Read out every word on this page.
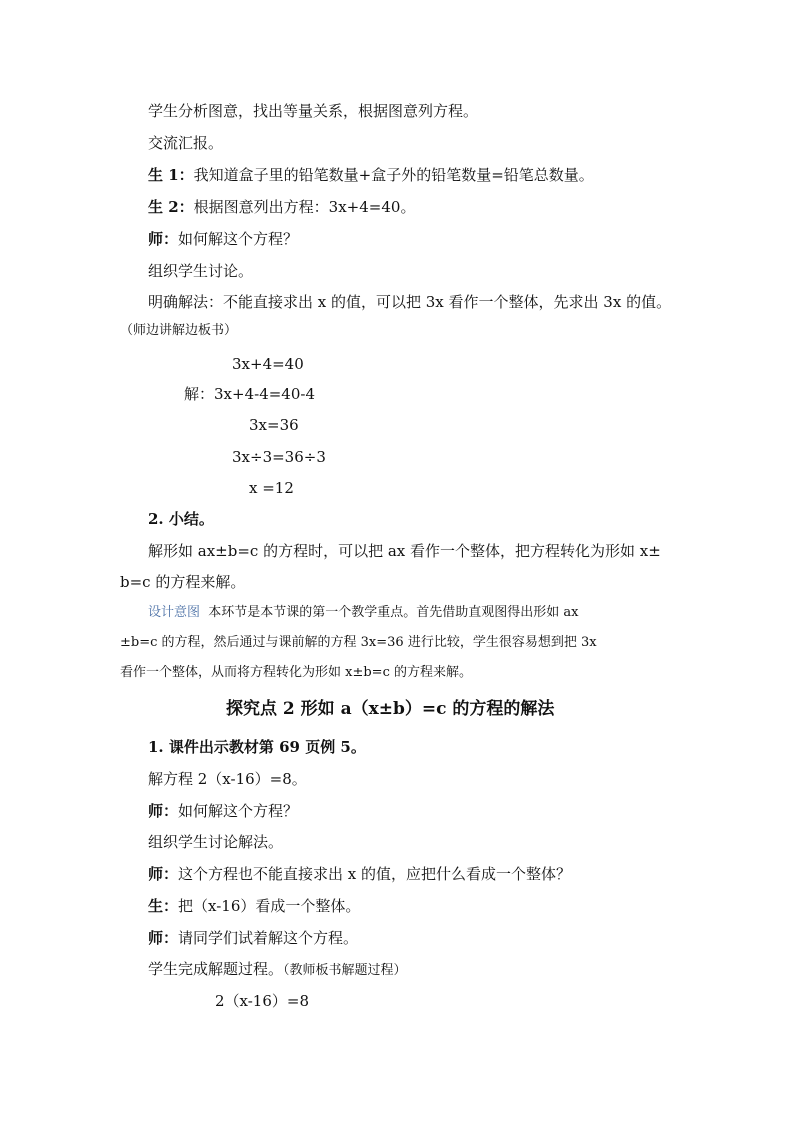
学生分析图意，找出等量关系，根据图意列方程。
交流汇报。
生 1：我知道盒子里的铅笔数量+盒子外的铅笔数量=铅笔总数量。
生 2：根据图意列出方程：3x+4=40。
师：如何解这个方程？
组织学生讨论。
明确解法：不能直接求出 x 的值，可以把 3x 看作一个整体，先求出 3x 的值。
（师边讲解边板书）
3x+4=40
解：3x+4-4=40-4
3x=36
3x÷3=36÷3
x =12
2. 小结。
解形如 ax±b=c 的方程时，可以把 ax 看作一个整体，把方程转化为形如 x±
b=c 的方程来解。
设计意图 本环节是本节课的第一个教学重点。首先借助直观图得出形如 ax
±b=c 的方程，然后通过与课前解的方程 3x=36 进行比较，学生很容易想到把 3x
看作一个整体，从而将方程转化为形如 x±b=c 的方程来解。
探究点 2 形如 a（x±b）=c 的方程的解法
1. 课件出示教材第 69 页例 5。
解方程 2（x-16）=8。
师：如何解这个方程？
组织学生讨论解法。
师：这个方程也不能直接求出 x 的值，应把什么看成一个整体？
生：把（x-16）看成一个整体。
师：请同学们试着解这个方程。
学生完成解题过程。（教师板书解题过程）
2（x-16）=8
